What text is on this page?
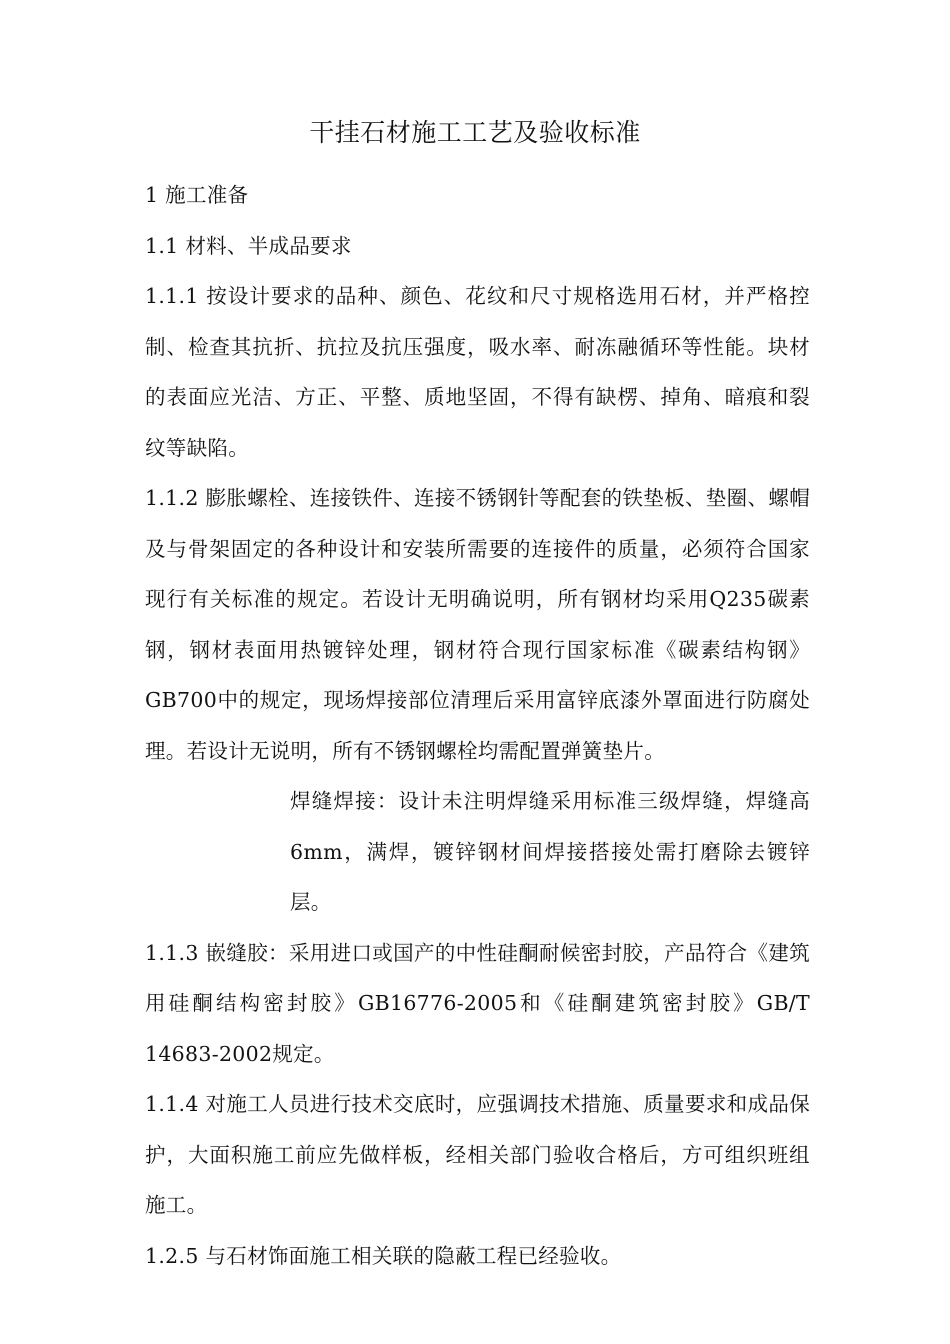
干挂石材施工工艺及验收标准

1 施工准备

1.1 材料、半成品要求

1.1.1 按设计要求的品种、颜色、花纹和尺寸规格选用石材，并严格控制、检查其抗折、抗拉及抗压强度，吸水率、耐冻融循环等性能。块材的表面应光洁、方正、平整、质地坚固，不得有缺楞、掉角、暗痕和裂纹等缺陷。

1.1.2 膨胀螺栓、连接铁件、连接不锈钢针等配套的铁垫板、垫圈、螺帽及与骨架固定的各种设计和安装所需要的连接件的质量，必须符合国家现行有关标准的规定。若设计无明确说明，所有钢材均采用Q235碳素钢，钢材表面用热镀锌处理，钢材符合现行国家标准《碳素结构钢》GB700中的规定，现场焊接部位清理后采用富锌底漆外罩面进行防腐处理。若设计无说明，所有不锈钢螺栓均需配置弹簧垫片。

焊缝焊接：设计未注明焊缝采用标准三级焊缝，焊缝高6mm，满焊，镀锌钢材间焊接搭接处需打磨除去镀锌层。

1.1.3 嵌缝胶：采用进口或国产的中性硅酮耐候密封胶，产品符合《建筑用硅酮结构密封胶》GB16776-2005和《硅酮建筑密封胶》GB/T 14683-2002规定。

1.1.4 对施工人员进行技术交底时，应强调技术措施、质量要求和成品保护，大面积施工前应先做样板，经相关部门验收合格后，方可组织班组施工。

1.2.5 与石材饰面施工相关联的隐蔽工程已经验收。
